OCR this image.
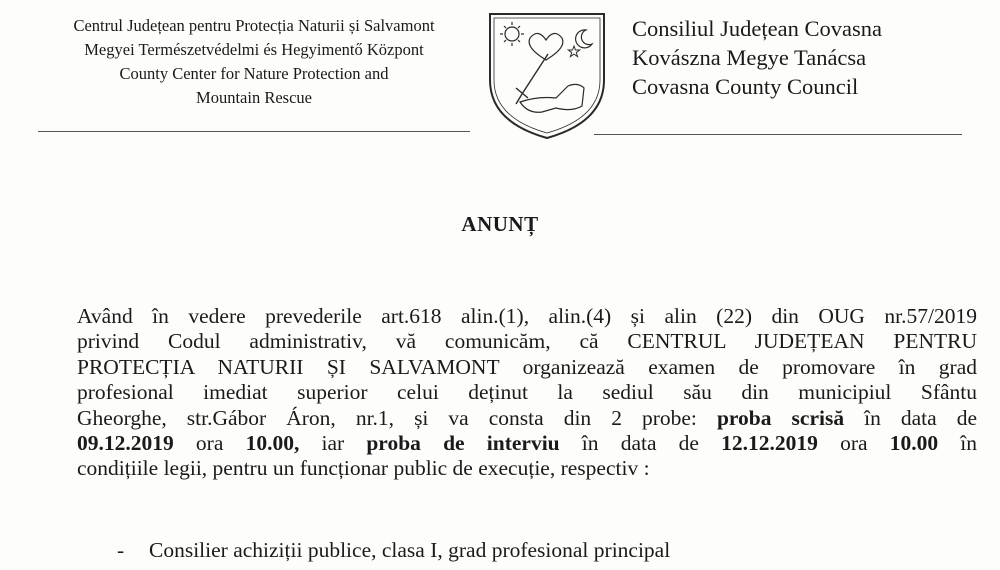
Centrul Județean pentru Protecția Naturii și Salvamont
Megyei Természetvédelmi és Hegyimentő Központ
County Center for Nature Protection and
Mountain Rescue
Consiliul Județean Covasna
Kovászna Megye Tanácsa
Covasna County Council
ANUNȚ
Având în vedere prevederile art.618 alin.(1), alin.(4) și alin (22) din OUG nr.57/2019
privind Codul administrativ, vă comunicăm, că CENTRUL JUDEȚEAN PENTRU
PROTECȚIA NATURII ȘI SALVAMONT organizează examen de promovare în grad
profesional imediat superior celui deținut la sediul său din municipiul Sfântu
Gheorghe, str.Gábor Áron, nr.1, și va consta din 2 probe: proba scrisă în data de
09.12.2019 ora 10.00, iar proba de interviu în data de 12.12.2019 ora 10.00 în
condițiile legii, pentru un funcționar public de execuție, respectiv :
- Consilier achiziții publice, clasa I, grad profesional principal
